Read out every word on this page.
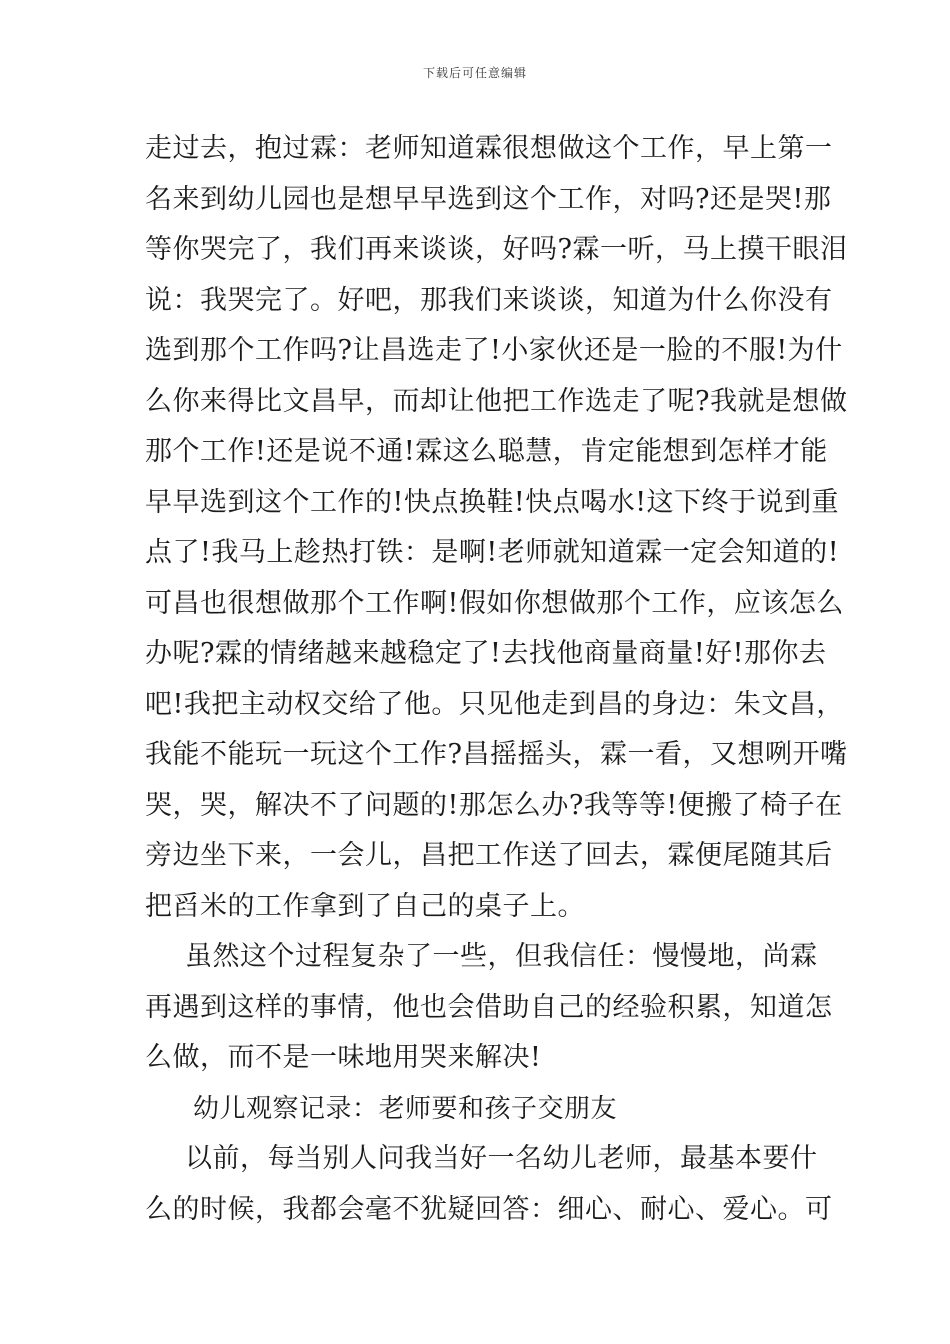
下载后可任意编辑
走过去，抱过霖：老师知道霖很想做这个工作，早上第一
名来到幼儿园也是想早早选到这个工作，对吗?还是哭!那
等你哭完了，我们再来谈谈，好吗?霖一听，马上摸干眼泪
说：我哭完了。好吧，那我们来谈谈，知道为什么你没有
选到那个工作吗?让昌选走了!小家伙还是一脸的不服!为什
么你来得比文昌早，而却让他把工作选走了呢?我就是想做
那个工作!还是说不通!霖这么聪慧，肯定能想到怎样才能
早早选到这个工作的!快点换鞋!快点喝水!这下终于说到重
点了!我马上趁热打铁：是啊!老师就知道霖一定会知道的!
可昌也很想做那个工作啊!假如你想做那个工作，应该怎么
办呢?霖的情绪越来越稳定了!去找他商量商量!好!那你去
吧!我把主动权交给了他。只见他走到昌的身边：朱文昌，
我能不能玩一玩这个工作?昌摇摇头，霖一看，又想咧开嘴
哭，哭，解决不了问题的!那怎么办?我等等!便搬了椅子在
旁边坐下来，一会儿，昌把工作送了回去，霖便尾随其后
把舀米的工作拿到了自己的桌子上。
虽然这个过程复杂了一些，但我信任：慢慢地，尚霖
再遇到这样的事情，他也会借助自己的经验积累，知道怎
么做，而不是一味地用哭来解决!
幼儿观察记录：老师要和孩子交朋友
以前，每当别人问我当好一名幼儿老师，最基本要什
么的时候，我都会毫不犹疑回答：细心、耐心、爱心。可
